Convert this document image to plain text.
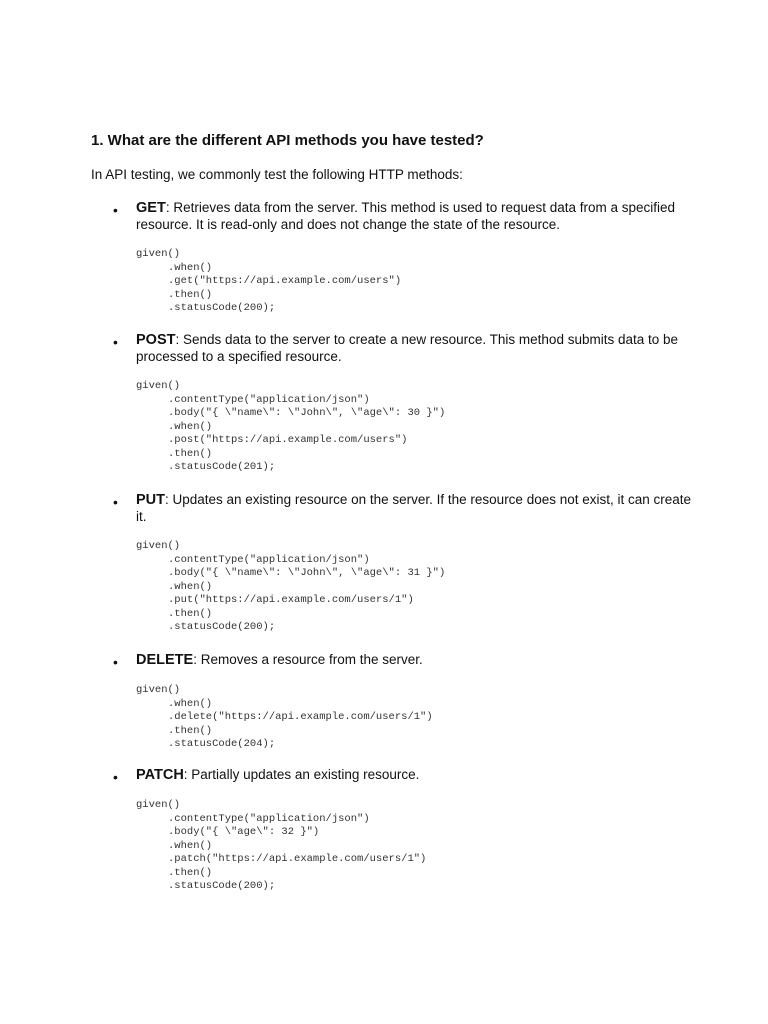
1. What are the different API methods you have tested?

In API testing, we commonly test the following HTTP methods:

• GET: Retrieves data from the server. This method is used to request data from a specified resource. It is read-only and does not change the state of the resource.

given()
.when()
.get("https://api.example.com/users")
.then()
.statusCode(200);
• POST: Sends data to the server to create a new resource. This method submits data to be processed to a specified resource.

given()
.contentType("application/json")
.body("{ \"name\": \"John\", \"age\": 30 }")
.when()
.post("https://api.example.com/users")
.then()
.statusCode(201);
• PUT: Updates an existing resource on the server. If the resource does not exist, it can create it.

given()
.contentType("application/json")
.body("{ \"name\": \"John\", \"age\": 31 }")
.when()
.put("https://api.example.com/users/1")
.then()
.statusCode(200);
• DELETE: Removes a resource from the server.

given()
.when()
.delete("https://api.example.com/users/1")
.then()
.statusCode(204);
• PATCH: Partially updates an existing resource.

given()
.contentType("application/json")
.body("{ \"age\": 32 }")
.when()
.patch("https://api.example.com/users/1")
.then()
.statusCode(200);
